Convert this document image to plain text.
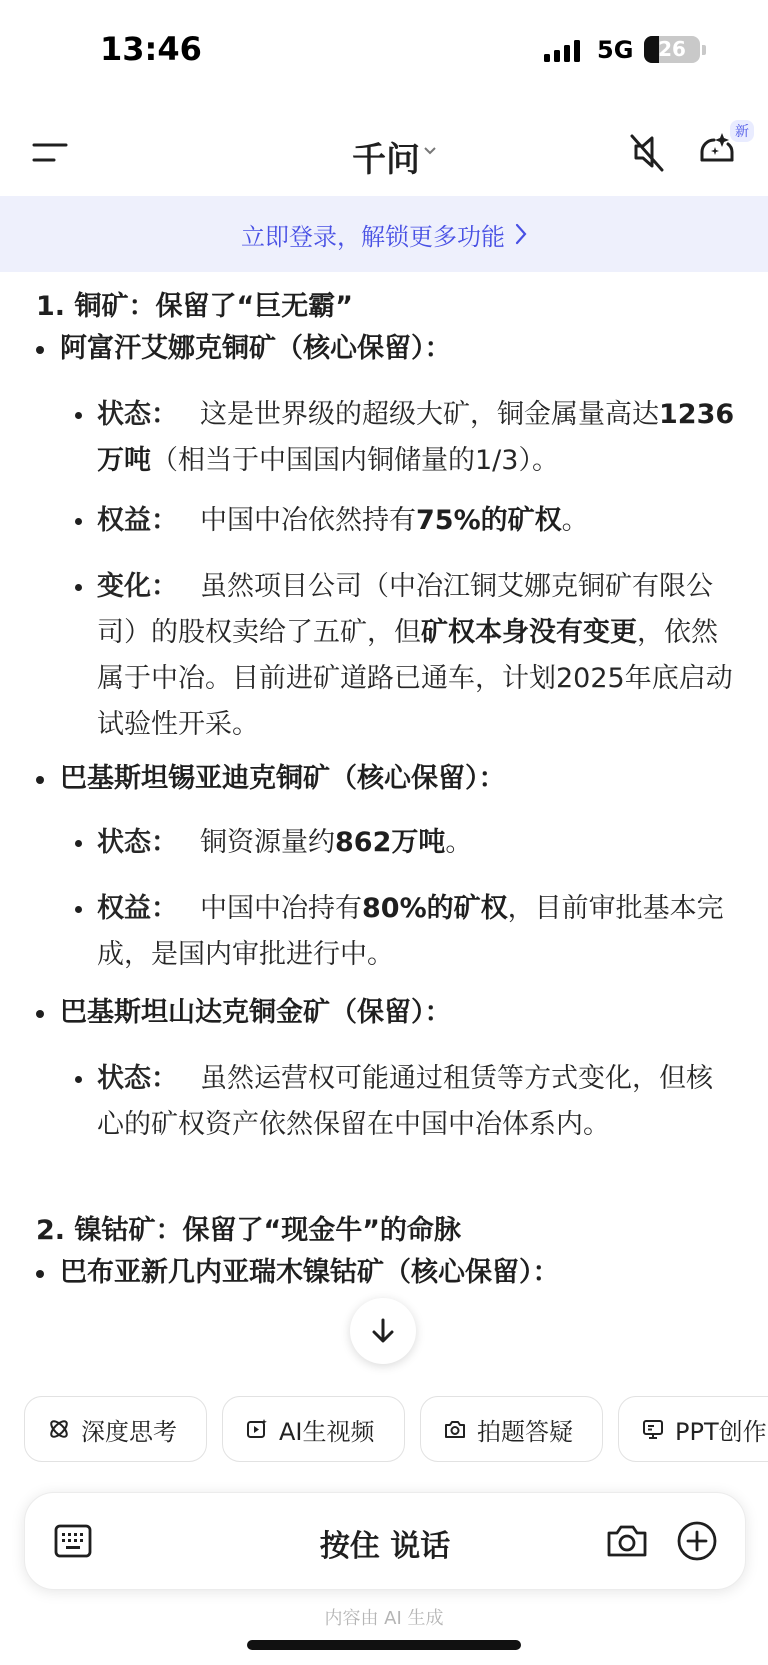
13:46	5G	26
千问
新
立即登录，解锁更多功能
1. 铜矿：保留了“巨无霸”
阿富汗艾娜克铜矿（核心保留）：
状态： 这是世界级的超级大矿，铜金属量高达1236万吨（相当于中国国内铜储量的1/3）。
权益： 中国中冶依然持有75%的矿权。
变化： 虽然项目公司（中冶江铜艾娜克铜矿有限公司）的股权卖给了五矿，但矿权本身没有变更，依然属于中冶。目前进矿道路已通车，计划2025年底启动试验性开采。
巴基斯坦锡亚迪克铜矿（核心保留）：
状态： 铜资源量约862万吨。
权益： 中国中冶持有80%的矿权，目前审批基本完成，是国内审批进行中。
巴基斯坦山达克铜金矿（保留）：
状态： 虽然运营权可能通过租赁等方式变化，但核心的矿权资产依然保留在中国中冶体系内。
2. 镍钴矿：保留了“现金牛”的命脉
巴布亚新几内亚瑞木镍钴矿（核心保留）：
深度思考	AI生视频	拍题答疑	PPT创作
按住 说话
内容由 AI 生成
